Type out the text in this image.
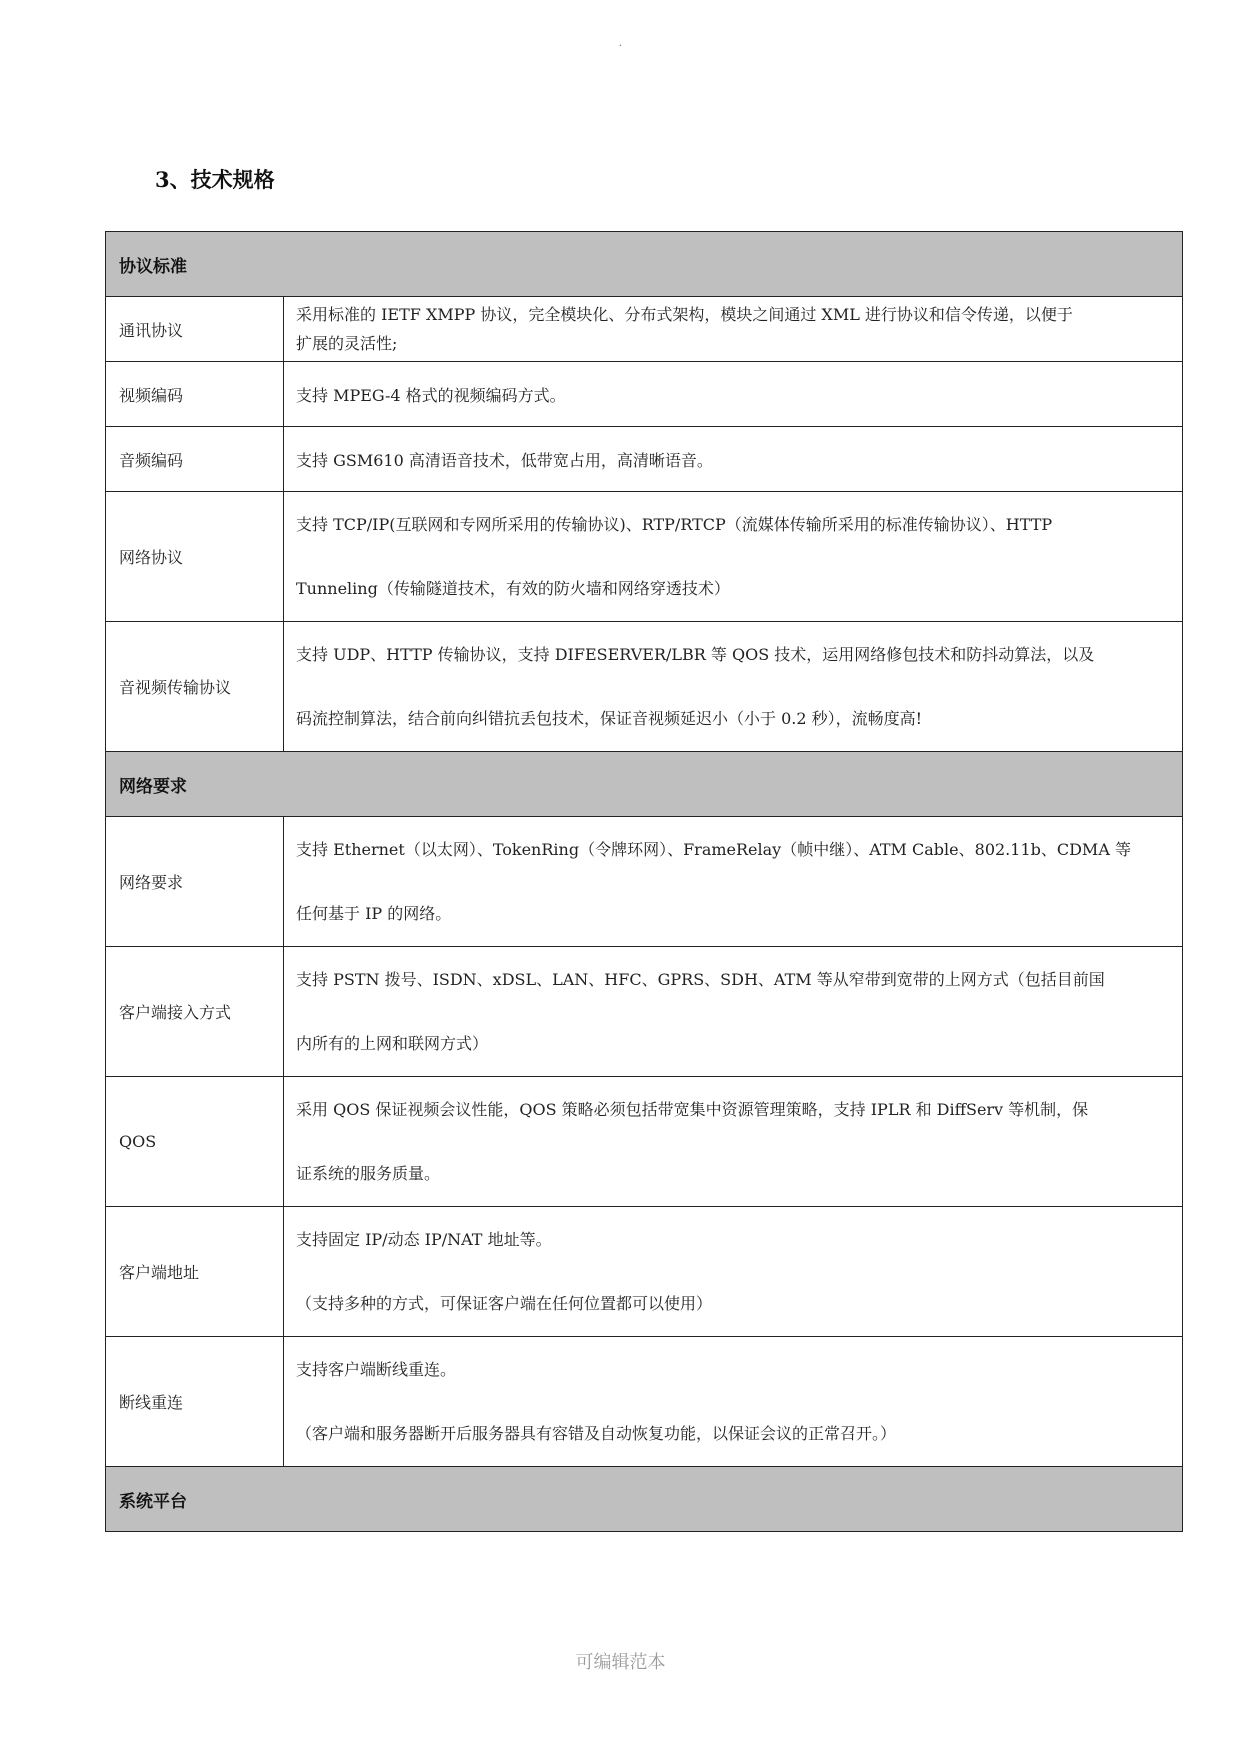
.
3、技术规格
协议标准	
通讯协议	采用标准的 IETF XMPP 协议，完全模块化、分布式架构，模块之间通过 XML 进行协议和信令传递，以便于
扩展的灵活性;

视频编码	支持 MPEG-4 格式的视频编码方式。

音频编码	支持 GSM610 高清语音技术，低带宽占用，高清晰语音。

网络协议	支持 TCP/IP(互联网和专网所采用的传输协议)、RTP/RTCP（流媒体传输所采用的标准传输协议）、HTTP
Tunneling（传输隧道技术，有效的防火墙和网络穿透技术）

音视频传输协议	支持 UDP、HTTP 传输协议，支持 DIFESERVER/LBR 等 QOS 技术，运用网络修包技术和防抖动算法，以及
码流控制算法，结合前向纠错抗丢包技术，保证音视频延迟小（小于 0.2 秒），流畅度高!

网络要求	
网络要求	支持 Ethernet（以太网）、TokenRing（令牌环网）、FrameRelay（帧中继）、ATM Cable、802.11b、CDMA 等
任何基于 IP 的网络。

客户端接入方式	支持 PSTN 拨号、ISDN、xDSL、LAN、HFC、GPRS、SDH、ATM 等从窄带到宽带的上网方式（包括目前国
内所有的上网和联网方式）

QOS	采用 QOS 保证视频会议性能，QOS 策略必须包括带宽集中资源管理策略，支持 IPLR 和 DiffServ 等机制，保
证系统的服务质量。

客户端地址	支持固定 IP/动态 IP/NAT 地址等。
（支持多种的方式，可保证客户端在任何位置都可以使用）

断线重连	支持客户端断线重连。
（客户端和服务器断开后服务器具有容错及自动恢复功能，以保证会议的正常召开。）

系统平台	
可编辑范本
